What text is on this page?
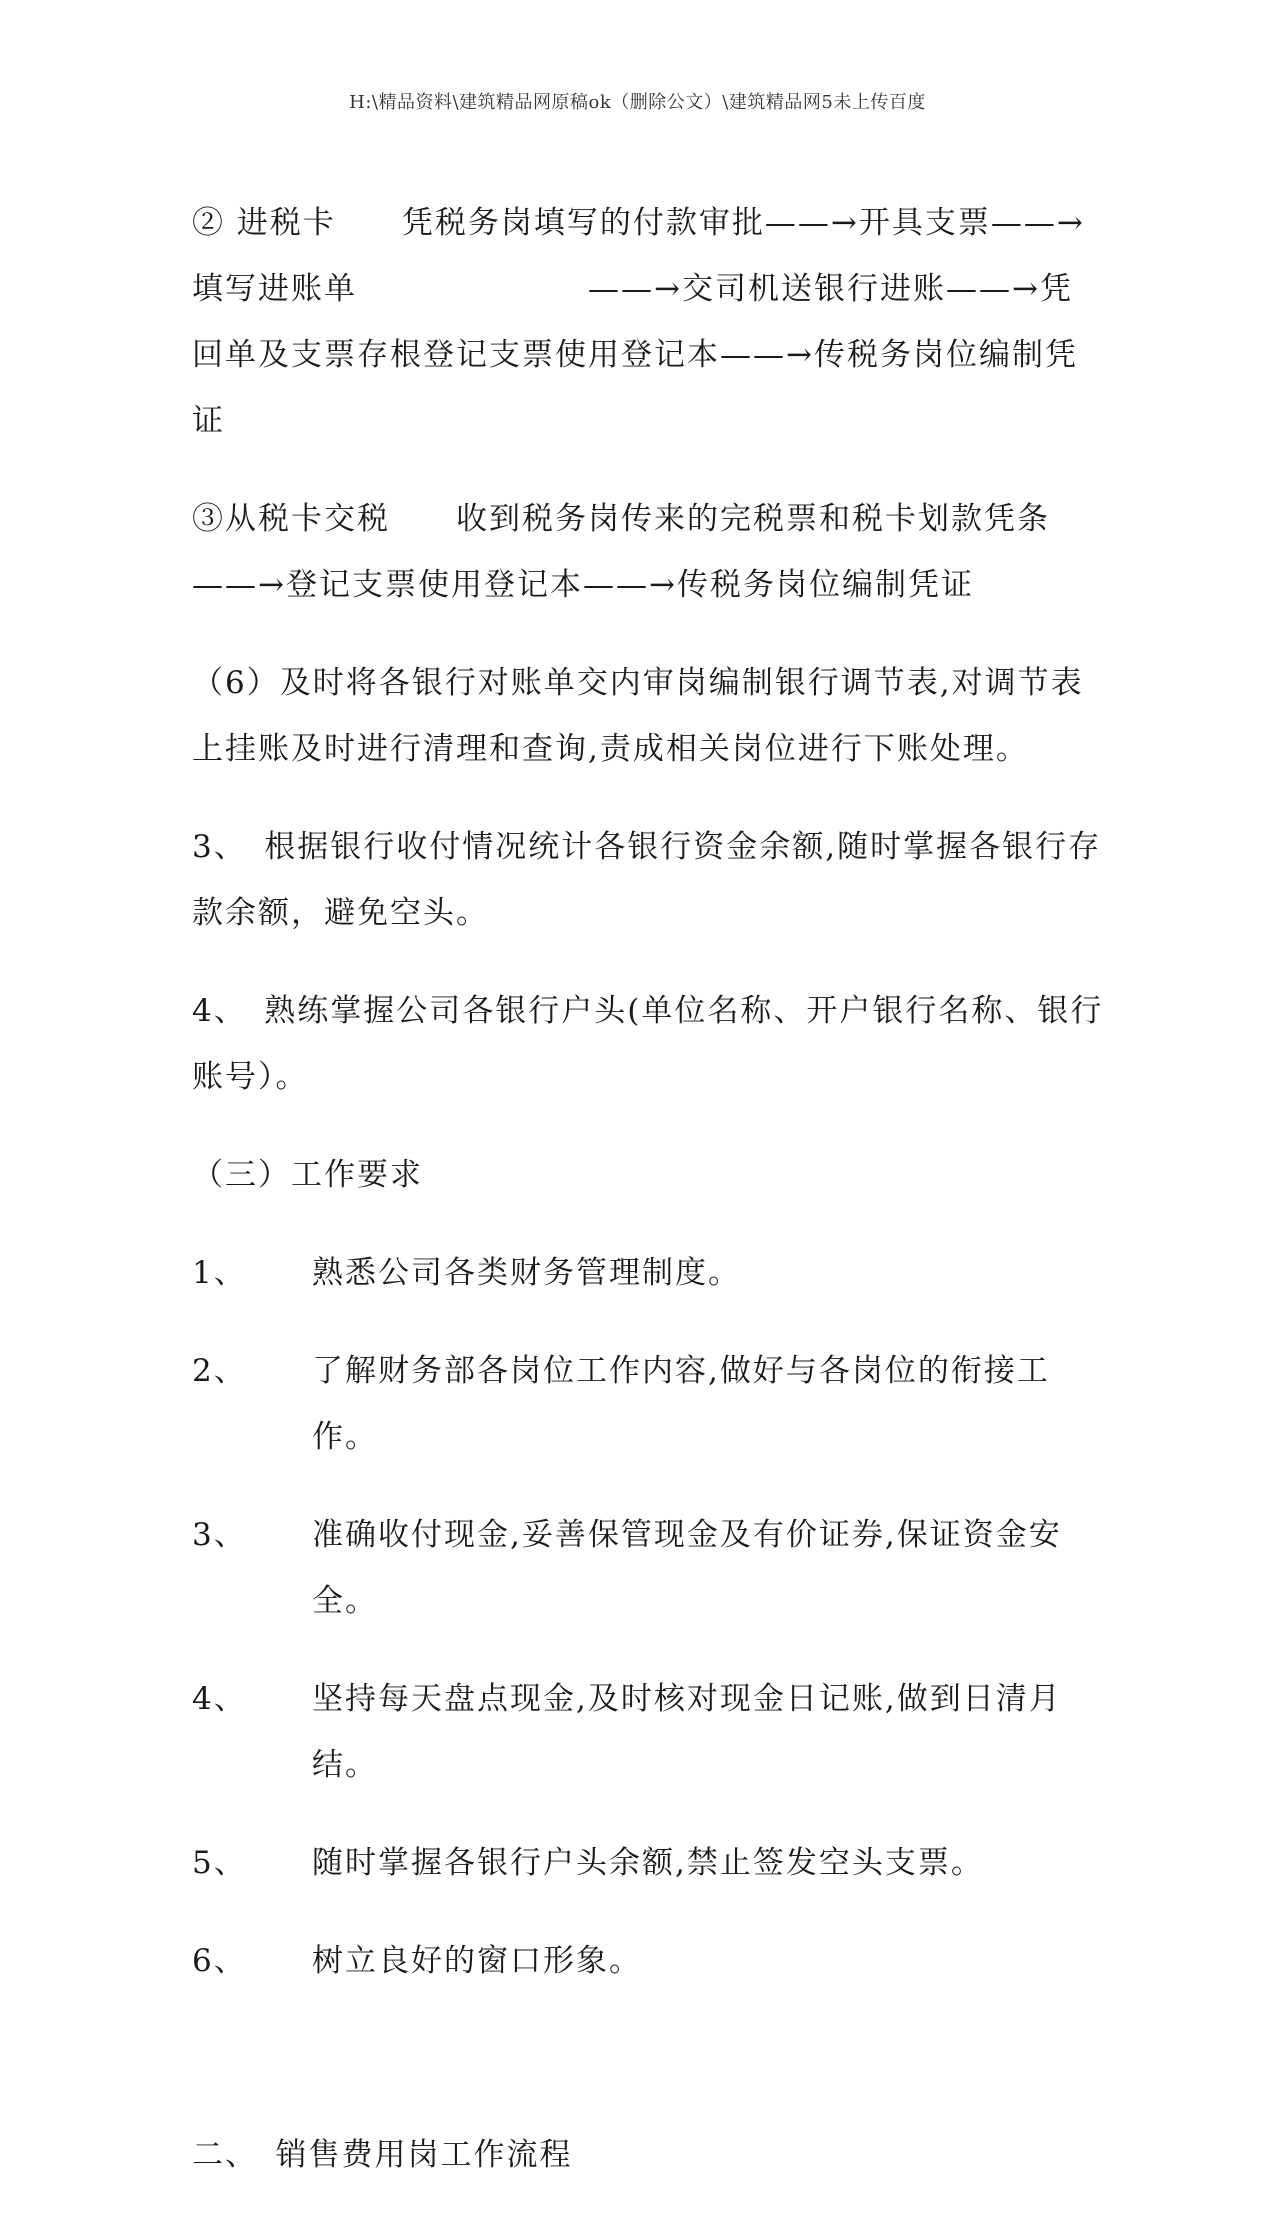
H:\精品资料\建筑精品网原稿ok（删除公文）\建筑精品网5未上传百度

② 进税卡　　凭税务岗填写的付款审批——→开具支票——→填写进账单　　　　　　　——→交司机送银行进账——→凭回单及支票存根登记支票使用登记本——→传税务岗位编制凭证

③从税卡交税　　收到税务岗传来的完税票和税卡划款凭条——→登记支票使用登记本——→传税务岗位编制凭证

（6）及时将各银行对账单交内审岗编制银行调节表,对调节表上挂账及时进行清理和查询,责成相关岗位进行下账处理。

3、　根据银行收付情况统计各银行资金余额,随时掌握各银行存款余额，避免空头。

4、　熟练掌握公司各银行户头(单位名称、开户银行名称、银行账号）。

（三）工作要求

1、	熟悉公司各类财务管理制度。
2、	了解财务部各岗位工作内容,做好与各岗位的衔接工作。
3、	准确收付现金,妥善保管现金及有价证券,保证资金安全。
4、	坚持每天盘点现金,及时核对现金日记账,做到日清月结。
5、	随时掌握各银行户头余额,禁止签发空头支票。
6、	树立良好的窗口形象。

二、　销售费用岗工作流程
